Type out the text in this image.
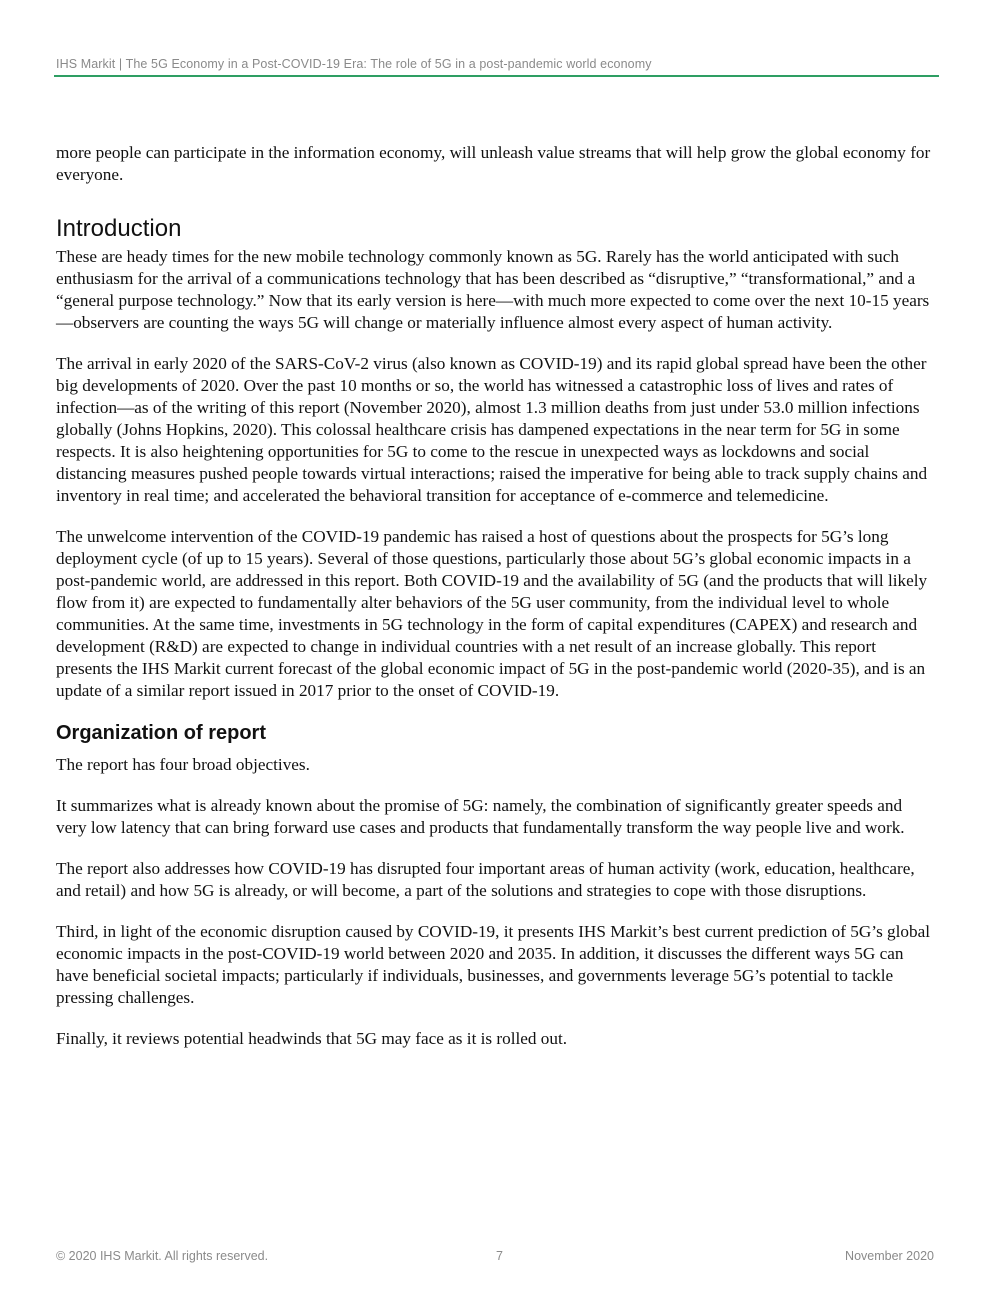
IHS Markit | The 5G Economy in a Post-COVID-19 Era: The role of 5G in a post-pandemic world economy

more people can participate in the information economy, will unleash value streams that will help grow the global economy for everyone.

Introduction

These are heady times for the new mobile technology commonly known as 5G. Rarely has the world anticipated with such enthusiasm for the arrival of a communications technology that has been described as “disruptive,” “transformational,” and a “general purpose technology.” Now that its early version is here—with much more expected to come over the next 10-15 years—observers are counting the ways 5G will change or materially influence almost every aspect of human activity.

The arrival in early 2020 of the SARS-CoV-2 virus (also known as COVID-19) and its rapid global spread have been the other big developments of 2020. Over the past 10 months or so, the world has witnessed a catastrophic loss of lives and rates of infection—as of the writing of this report (November 2020), almost 1.3 million deaths from just under 53.0 million infections globally (Johns Hopkins, 2020). This colossal healthcare crisis has dampened expectations in the near term for 5G in some respects. It is also heightening opportunities for 5G to come to the rescue in unexpected ways as lockdowns and social distancing measures pushed people towards virtual interactions; raised the imperative for being able to track supply chains and inventory in real time; and accelerated the behavioral transition for acceptance of e-commerce and telemedicine.

The unwelcome intervention of the COVID-19 pandemic has raised a host of questions about the prospects for 5G’s long deployment cycle (of up to 15 years). Several of those questions, particularly those about 5G’s global economic impacts in a post-pandemic world, are addressed in this report. Both COVID-19 and the availability of 5G (and the products that will likely flow from it) are expected to fundamentally alter behaviors of the 5G user community, from the individual level to whole communities. At the same time, investments in 5G technology in the form of capital expenditures (CAPEX) and research and development (R&D) are expected to change in individual countries with a net result of an increase globally. This report presents the IHS Markit current forecast of the global economic impact of 5G in the post-pandemic world (2020-35), and is an update of a similar report issued in 2017 prior to the onset of COVID-19.

Organization of report

The report has four broad objectives.

It summarizes what is already known about the promise of 5G: namely, the combination of significantly greater speeds and very low latency that can bring forward use cases and products that fundamentally transform the way people live and work.

The report also addresses how COVID-19 has disrupted four important areas of human activity (work, education, healthcare, and retail) and how 5G is already, or will become, a part of the solutions and strategies to cope with those disruptions.

Third, in light of the economic disruption caused by COVID-19, it presents IHS Markit’s best current prediction of 5G’s global economic impacts in the post-COVID-19 world between 2020 and 2035. In addition, it discusses the different ways 5G can have beneficial societal impacts; particularly if individuals, businesses, and governments leverage 5G’s potential to tackle pressing challenges.

Finally, it reviews potential headwinds that 5G may face as it is rolled out.

© 2020 IHS Markit. All rights reserved.	7	November 2020
